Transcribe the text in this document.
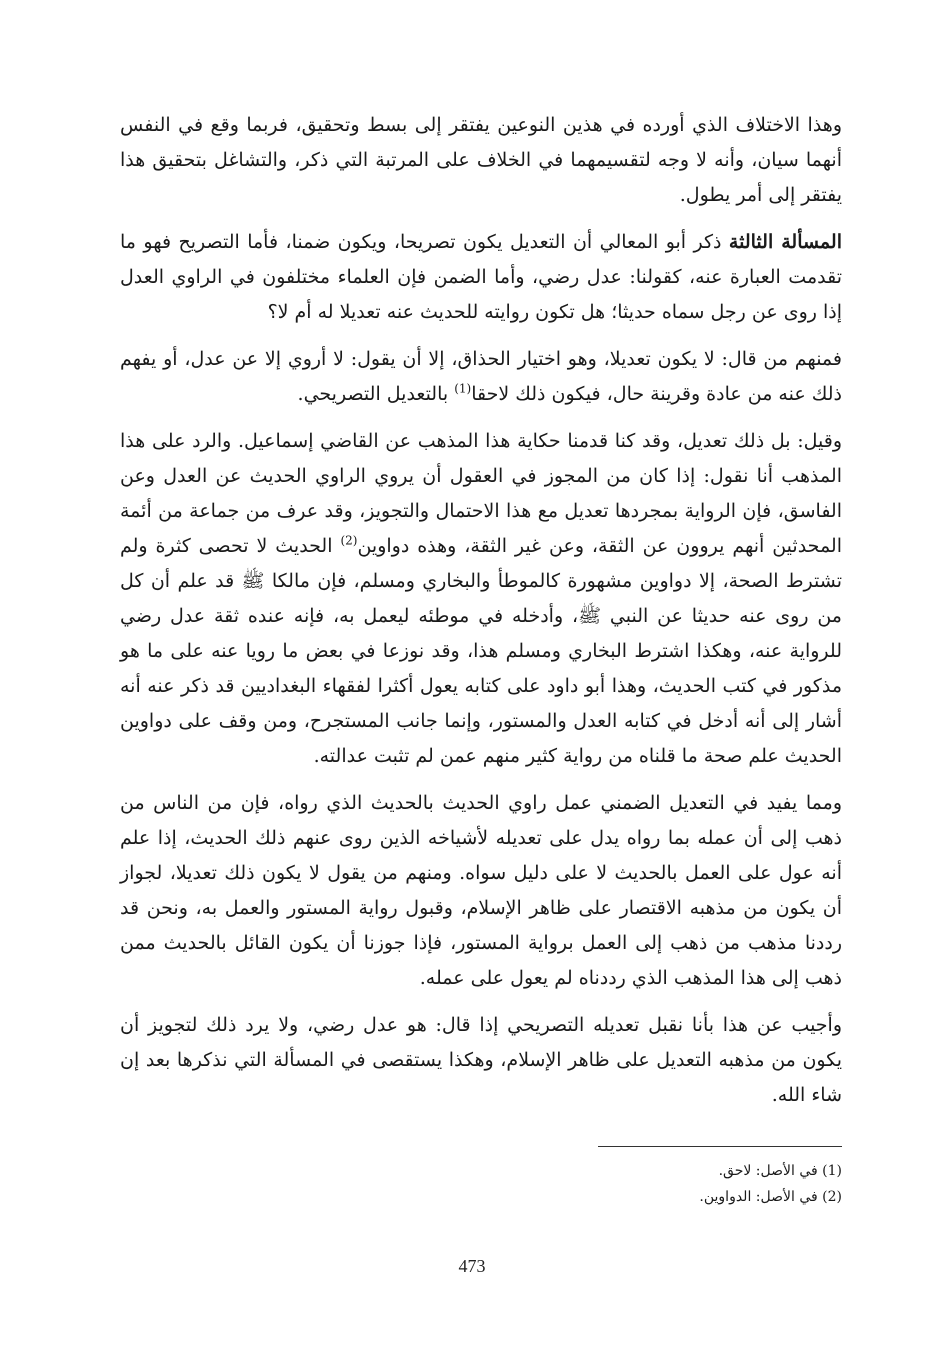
وهذا الاختلاف الذي أورده في هذين النوعين يفتقر إلى بسط وتحقيق، فربما وقع في النفس أنهما سيان، وأنه لا وجه لتقسيمهما في الخلاف على المرتبة التي ذكر، والتشاغل بتحقيق هذا يفتقر إلى أمر يطول.

المسألة الثالثة ذكر أبو المعالي أن التعديل يكون تصريحا، ويكون ضمنا، فأما التصريح فهو ما تقدمت العبارة عنه، كقولنا: عدل رضي، وأما الضمن فإن العلماء مختلفون في الراوي العدل إذا روى عن رجل سماه حديثا؛ هل تكون روايته للحديث عنه تعديلا له أم لا؟

فمنهم من قال: لا يكون تعديلا، وهو اختيار الحذاق، إلا أن يقول: لا أروي إلا عن عدل، أو يفهم ذلك عنه من عادة وقرينة حال، فيكون ذلك لاحقا$^{(1)}$ بالتعديل التصريحي.

وقيل: بل ذلك تعديل، وقد كنا قدمنا حكاية هذا المذهب عن القاضي إسماعيل. والرد على هذا المذهب أنا نقول: إذا كان من المجوز في العقول أن يروي الراوي الحديث عن العدل وعن الفاسق، فإن الرواية بمجردها تعديل مع هذا الاحتمال والتجويز، وقد عرف من جماعة من أئمة المحدثين أنهم يروون عن الثقة، وعن غير الثقة، وهذه دواوين$^{(2)}$ الحديث لا تحصى كثرة ولم تشترط الصحة، إلا دواوين مشهورة كالموطأ والبخاري ومسلم، فإن مالكا ﷺ قد علم أن كل من روى عنه حديثا عن النبي ﷺ، وأدخله في موطئه ليعمل به، فإنه عنده ثقة عدل رضي للرواية عنه، وهكذا اشترط البخاري ومسلم هذا، وقد نوزعا في بعض ما رويا عنه على ما هو مذكور في كتب الحديث، وهذا أبو داود على كتابه يعول أكثرا لفقهاء البغداديين قد ذكر عنه أنه أشار إلى أنه أدخل في كتابه العدل والمستور، وإنما جانب المستجرح، ومن وقف على دواوين الحديث علم صحة ما قلناه من رواية كثير منهم عمن لم تثبت عدالته.

ومما يفيد في التعديل الضمني عمل راوي الحديث بالحديث الذي رواه، فإن من الناس من ذهب إلى أن عمله بما رواه يدل على تعديله لأشياخه الذين روى عنهم ذلك الحديث، إذا علم أنه عول على العمل بالحديث لا على دليل سواه. ومنهم من يقول لا يكون ذلك تعديلا، لجواز أن يكون من مذهبه الاقتصار على ظاهر الإسلام، وقبول رواية المستور والعمل به، ونحن قد رددنا مذهب من ذهب إلى العمل برواية المستور، فإذا جوزنا أن يكون القائل بالحديث ممن ذهب إلى هذا المذهب الذي رددناه لم يعول على عمله.

وأجيب عن هذا بأنا نقبل تعديله التصريحي إذا قال: هو عدل رضي، ولا يرد ذلك لتجويز أن يكون من مذهبه التعديل على ظاهر الإسلام، وهكذا يستقصى في المسألة التي نذكرها بعد إن شاء الله.

(1) في الأصل: لاحق.
(2) في الأصل: الدواوين.
473
